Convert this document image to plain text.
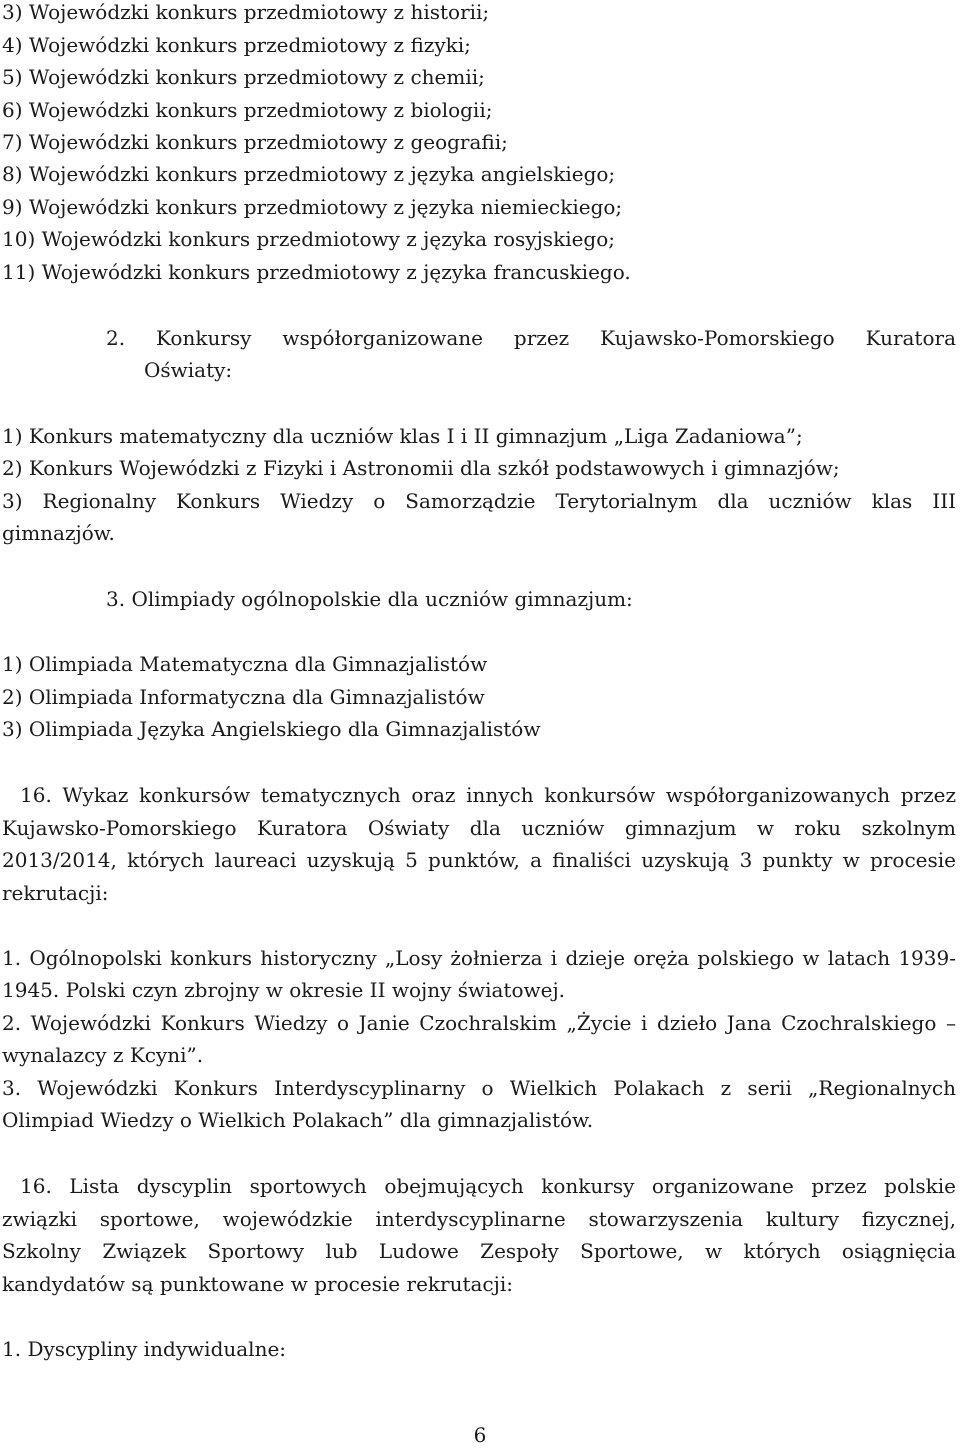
3) Wojewódzki konkurs przedmiotowy z historii;
4) Wojewódzki konkurs przedmiotowy z fizyki;
5) Wojewódzki konkurs przedmiotowy z chemii;
6) Wojewódzki konkurs przedmiotowy z biologii;
7) Wojewódzki konkurs przedmiotowy z geografii;
8) Wojewódzki konkurs przedmiotowy z języka angielskiego;
9) Wojewódzki konkurs przedmiotowy z języka niemieckiego;
10) Wojewódzki konkurs przedmiotowy z języka rosyjskiego;
11) Wojewódzki konkurs przedmiotowy z języka francuskiego.
2. Konkursy współorganizowane przez Kujawsko-Pomorskiego Kuratora
Oświaty:
1) Konkurs matematyczny dla uczniów klas I i II gimnazjum „Liga Zadaniowa”;
2) Konkurs Wojewódzki z Fizyki i Astronomii dla szkół podstawowych i gimnazjów;
3) Regionalny Konkurs Wiedzy o Samorządzie Terytorialnym dla uczniów klas III
gimnazjów.
3. Olimpiady ogólnopolskie dla uczniów gimnazjum:
1) Olimpiada Matematyczna dla Gimnazjalistów
2) Olimpiada Informatyczna dla Gimnazjalistów
3) Olimpiada Języka Angielskiego dla Gimnazjalistów
16. Wykaz konkursów tematycznych oraz innych konkursów współorganizowanych przez
Kujawsko-Pomorskiego Kuratora Oświaty dla uczniów gimnazjum w roku szkolnym
2013/2014, których laureaci uzyskują 5 punktów, a finaliści uzyskują 3 punkty w procesie
rekrutacji:
1. Ogólnopolski konkurs historyczny „Losy żołnierza i dzieje oręża polskiego w latach 1939-
1945. Polski czyn zbrojny w okresie II wojny światowej.
2. Wojewódzki Konkurs Wiedzy o Janie Czochralskim „Życie i dzieło Jana Czochralskiego –
wynalazcy z Kcyni”.
3. Wojewódzki Konkurs Interdyscyplinarny o Wielkich Polakach z serii „Regionalnych
Olimpiad Wiedzy o Wielkich Polakach” dla gimnazjalistów.
16. Lista dyscyplin sportowych obejmujących konkursy organizowane przez polskie
związki sportowe, wojewódzkie interdyscyplinarne stowarzyszenia kultury fizycznej,
Szkolny Związek Sportowy lub Ludowe Zespoły Sportowe, w których osiągnięcia
kandydatów są punktowane w procesie rekrutacji:
1. Dyscypliny indywidualne:
6
